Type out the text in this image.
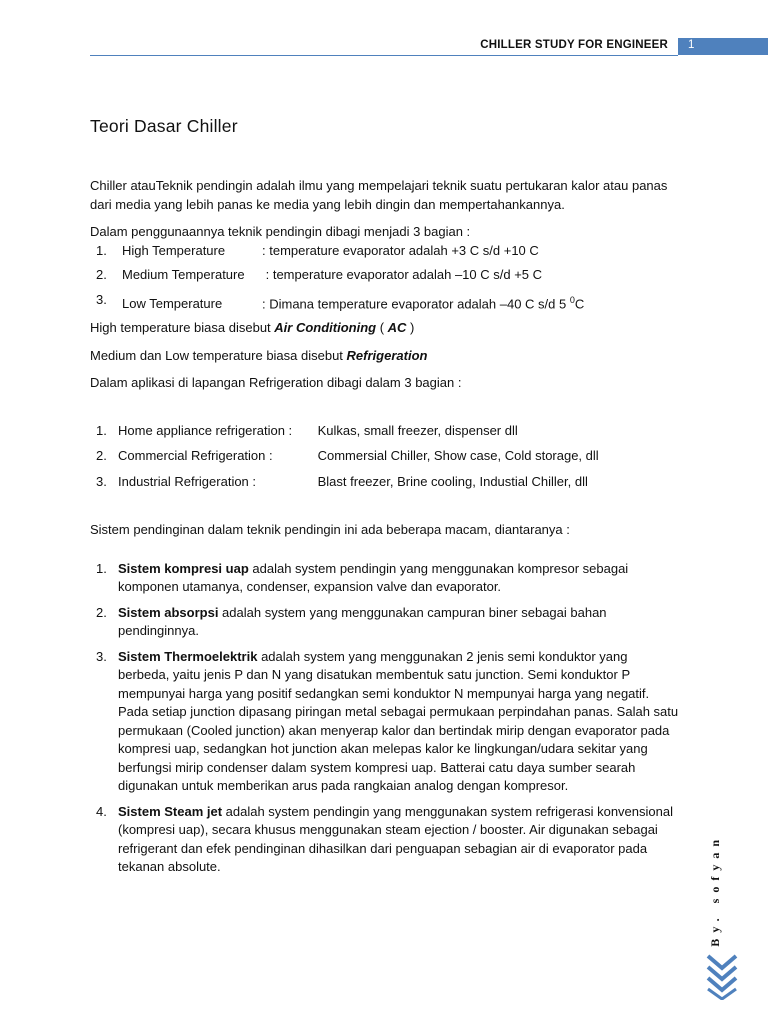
CHILLER STUDY FOR ENGINEER 1
Teori Dasar Chiller

Chiller atauTeknik pendingin adalah ilmu yang mempelajari teknik suatu pertukaran kalor atau panas dari media yang lebih panas ke media yang lebih dingin dan mempertahankannya.

Dalam penggunaannya teknik pendingin dibagi menjadi 3 bagian :

1. High Temperature	: temperature evaporator adalah +3 C s/d +10 C
2. Medium Temperature : temperature evaporator adalah –10 C s/d +5 C
3. Low Temperature	: Dimana temperature evaporator adalah –40 C s/d 5 $^0$C

High temperature biasa disebut Air Conditioning ( AC )

Medium dan Low temperature biasa disebut Refrigeration

Dalam aplikasi di lapangan Refrigeration dibagi dalam 3 bagian :

1. Home appliance refrigeration : Kulkas, small freezer, dispenser dll
2. Commercial Refrigeration :	Commersial Chiller, Show case, Cold storage, dll
3. Industrial Refrigeration :	Blast freezer, Brine cooling, Industial Chiller, dll

Sistem pendinginan dalam teknik pendingin ini ada beberapa macam, diantaranya :

1. Sistem kompresi uap adalah system pendingin yang menggunakan kompresor sebagai komponen utamanya, condenser, expansion valve dan evaporator.
2. Sistem absorpsi adalah system yang menggunakan campuran biner sebagai bahan pendinginnya.
3. Sistem Thermoelektrik adalah system yang menggunakan 2 jenis semi konduktor yang berbeda, yaitu jenis P dan N yang disatukan membentuk satu junction. Semi konduktor P mempunyai harga yang positif sedangkan semi konduktor N mempunyai harga yang negatif. Pada setiap junction dipasang piringan metal sebagai permukaan perpindahan panas. Salah satu permukaan (Cooled junction) akan menyerap kalor dan bertindak mirip dengan evaporator pada kompresi uap, sedangkan hot junction akan melepas kalor ke lingkungan/udara sekitar yang berfungsi mirip condenser dalam system kompresi uap. Batterai catu daya sumber searah digunakan untuk memberikan arus pada rangkaian analog dengan kompresor.
4. Sistem Steam jet adalah system pendingin yang menggunakan system refrigerasi konvensional (kompresi uap), secara khusus menggunakan steam ejection / booster. Air digunakan sebagai refrigerant dan efek pendinginan dihasilkan dari penguapan sebagian air di evaporator pada tekanan absolute.	By. sofyan
